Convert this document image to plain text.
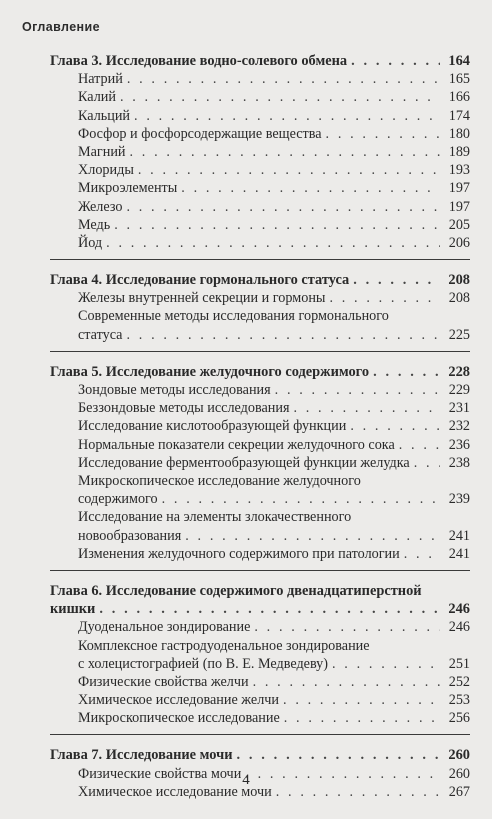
Оглавление
Глава 3. Исследование водно-солевого обмена . . .	164
Натрий . . .	165
Калий . . .	166
Кальций . . .	174
Фосфор и фосфорсодержащие вещества . . .	180
Магний . . .	189
Хлориды . . .	193
Микроэлементы . . .	197
Железо . . .	197
Медь . . .	205
Йод . . .	206
Глава 4. Исследование гормонального статуса . . .	208
Железы внутренней секреции и гормоны . . .	208
Современные методы исследования гормонального
статуса . . .	225
Глава 5. Исследование желудочного содержимого . . .	228
Зондовые методы исследования . . .	229
Беззондовые методы исследования . . .	231
Исследование кислотообразующей функции . . .	232
Нормальные показатели секреции желудочного сока . . .	236
Исследование ферментообразующей функции желудка . . .	238
Микроскопическое исследование желудочного
содержимого . . .	239
Исследование на элементы злокачественного
новообразования . . .	241
Изменения желудочного содержимого при патологии . . .	241
Глава 6. Исследование содержимого двенадцатиперстной
кишки . . .	246
Дуоденальное зондирование . . .	246
Комплексное гастродуоденальное зондирование
с холецистографией (по В. Е. Медведеву) . . .	251
Физические свойства желчи . . .	252
Химическое исследование желчи . . .	253
Микроскопическое исследование . . .	256
Глава 7. Исследование мочи . . .	260
Физические свойства мочи . . .	260
Химическое исследование мочи . . .	267
4
